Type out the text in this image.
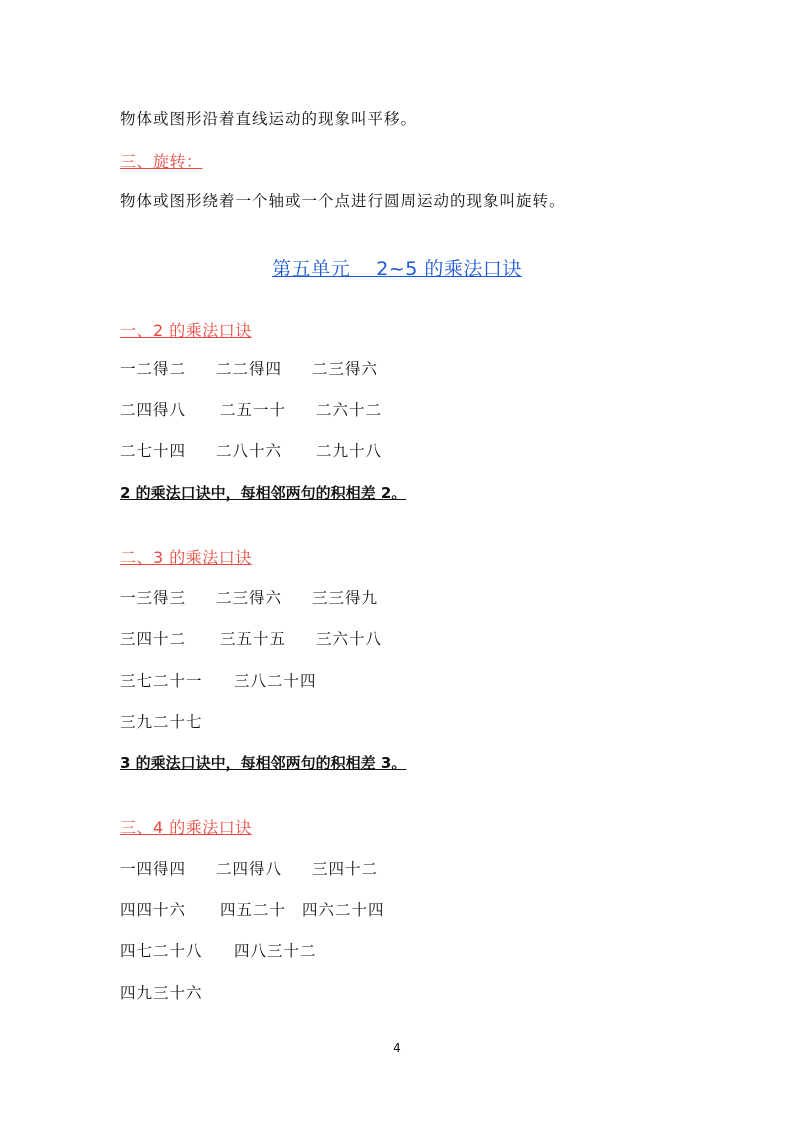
物体或图形沿着直线运动的现象叫平移。
三、旋转：
物体或图形绕着一个轴或一个点进行圆周运动的现象叫旋转。
第五单元　 2~5 的乘法口诀
一、2 的乘法口诀
一二得二 二二得四 二三得六
二四得八 二五一十 二六十二
二七十四 二八十六 二九十八
2 的乘法口诀中，每相邻两句的积相差 2。
二、3 的乘法口诀
一三得三 二三得六 三三得九
三四十二 三五十五 三六十八
三七二十一 三八二十四
三九二十七
3 的乘法口诀中，每相邻两句的积相差 3。
三、4 的乘法口诀
一四得四 二四得八 三四十二
四四十六 四五二十 四六二十四
四七二十八 四八三十二
四九三十六
4
